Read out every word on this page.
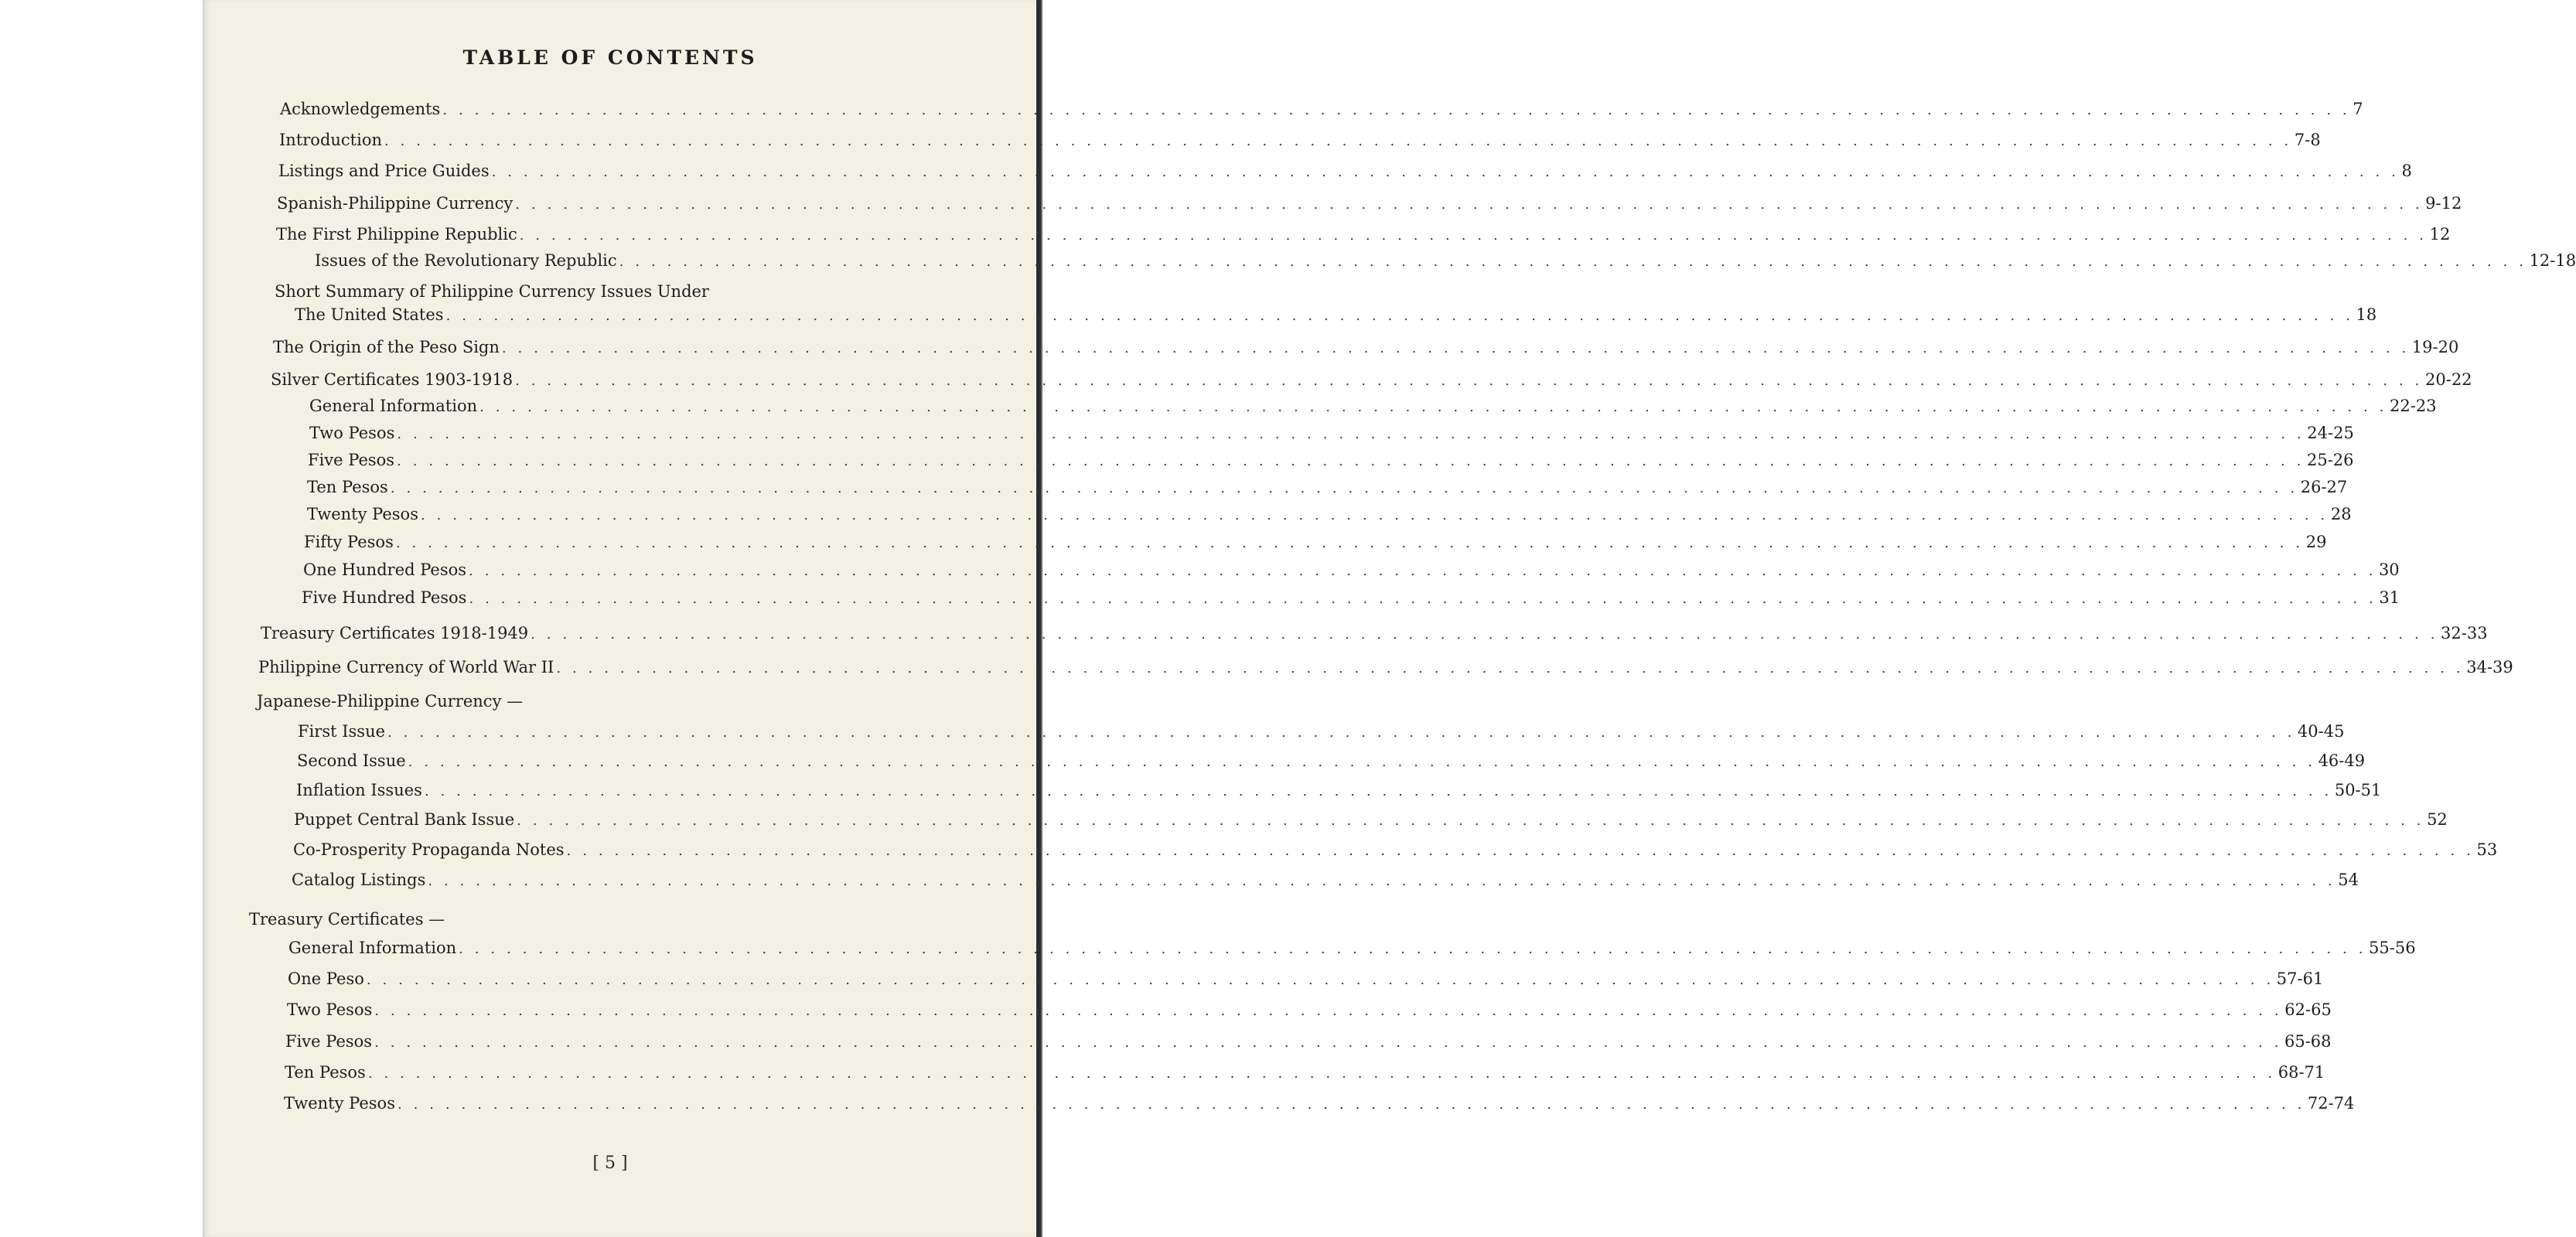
TABLE OF CONTENTS
Acknowledgements . . . . . . . . . . . . . . . . . . . . . . . . . . . . . . . . . . . . . . . . . . . . . . . . . . . . . . . . . . . . . . . . . . . . . . . . . . . . . . . . . . . . . . . . . . . . . . . . . . . . . . . . . . . . . . . . . . . . . . . . 7
Introduction . . . . . . . . . . . . . . . . . . . . . . . . . . . . . . . . . . . . . . . . . . . . . . . . . . . . . . . . . . . . . . . . . . . . . . . . . . . . . . . . . . . . . . . . . . . . . . . . . . . . . . . . . . . . . . . . . . . . . . . . 7-8
Listings and Price Guides . . . . . . . . . . . . . . . . . . . . . . . . . . . . . . . . . . . . . . . . . . . . . . . . . . . . . . . . . . . . . . . . . . . . . . . . . . . . . . . . . . . . . . . . . . . . . . . . . . . . . . . . . . . . . . . . . . . . . . . . 8
Spanish-Philippine Currency . . . . . . . . . . . . . . . . . . . . . . . . . . . . . . . . . . . . . . . . . . . . . . . . . . . . . . . . . . . . . . . . . . . . . . . . . . . . . . . . . . . . . . . . . . . . . . . . . . . . . . . . . . . . . . . . . . . . . . . . 9-12
The First Philippine Republic . . . . . . . . . . . . . . . . . . . . . . . . . . . . . . . . . . . . . . . . . . . . . . . . . . . . . . . . . . . . . . . . . . . . . . . . . . . . . . . . . . . . . . . . . . . . . . . . . . . . . . . . . . . . . . . . . . . . . . . . 12
Issues of the Revolutionary Republic . . . . . . . . . . . . . . . . . . . . . . . . . . . . . . . . . . . . . . . . . . . . . . . . . . . . . . . . . . . . . . . . . . . . . . . . . . . . . . . . . . . . . . . . . . . . . . . . . . . . . . . . . . . . . . . . . . . . . . . . 12-18
Short Summary of Philippine Currency Issues Under
The United States . . . . . . . . . . . . . . . . . . . . . . . . . . . . . . . . . . . . . . . . . . . . . . . . . . . . . . . . . . . . . . . . . . . . . . . . . . . . . . . . . . . . . . . . . . . . . . . . . . . . . . . . . . . . . . . . . . . . . . . . 18
The Origin of the Peso Sign . . . . . . . . . . . . . . . . . . . . . . . . . . . . . . . . . . . . . . . . . . . . . . . . . . . . . . . . . . . . . . . . . . . . . . . . . . . . . . . . . . . . . . . . . . . . . . . . . . . . . . . . . . . . . . . . . . . . . . . . 19-20
Silver Certificates 1903-1918 . . . . . . . . . . . . . . . . . . . . . . . . . . . . . . . . . . . . . . . . . . . . . . . . . . . . . . . . . . . . . . . . . . . . . . . . . . . . . . . . . . . . . . . . . . . . . . . . . . . . . . . . . . . . . . . . . . . . . . . . 20-22
General Information . . . . . . . . . . . . . . . . . . . . . . . . . . . . . . . . . . . . . . . . . . . . . . . . . . . . . . . . . . . . . . . . . . . . . . . . . . . . . . . . . . . . . . . . . . . . . . . . . . . . . . . . . . . . . . . . . . . . . . . . 22-23
Two Pesos . . . . . . . . . . . . . . . . . . . . . . . . . . . . . . . . . . . . . . . . . . . . . . . . . . . . . . . . . . . . . . . . . . . . . . . . . . . . . . . . . . . . . . . . . . . . . . . . . . . . . . . . . . . . . . . . . . . . . . . . 24-25
Five Pesos . . . . . . . . . . . . . . . . . . . . . . . . . . . . . . . . . . . . . . . . . . . . . . . . . . . . . . . . . . . . . . . . . . . . . . . . . . . . . . . . . . . . . . . . . . . . . . . . . . . . . . . . . . . . . . . . . . . . . . . . 25-26
Ten Pesos . . . . . . . . . . . . . . . . . . . . . . . . . . . . . . . . . . . . . . . . . . . . . . . . . . . . . . . . . . . . . . . . . . . . . . . . . . . . . . . . . . . . . . . . . . . . . . . . . . . . . . . . . . . . . . . . . . . . . . . . 26-27
Twenty Pesos . . . . . . . . . . . . . . . . . . . . . . . . . . . . . . . . . . . . . . . . . . . . . . . . . . . . . . . . . . . . . . . . . . . . . . . . . . . . . . . . . . . . . . . . . . . . . . . . . . . . . . . . . . . . . . . . . . . . . . . . 28
Fifty Pesos . . . . . . . . . . . . . . . . . . . . . . . . . . . . . . . . . . . . . . . . . . . . . . . . . . . . . . . . . . . . . . . . . . . . . . . . . . . . . . . . . . . . . . . . . . . . . . . . . . . . . . . . . . . . . . . . . . . . . . . . 29
One Hundred Pesos . . . . . . . . . . . . . . . . . . . . . . . . . . . . . . . . . . . . . . . . . . . . . . . . . . . . . . . . . . . . . . . . . . . . . . . . . . . . . . . . . . . . . . . . . . . . . . . . . . . . . . . . . . . . . . . . . . . . . . . . 30
Five Hundred Pesos . . . . . . . . . . . . . . . . . . . . . . . . . . . . . . . . . . . . . . . . . . . . . . . . . . . . . . . . . . . . . . . . . . . . . . . . . . . . . . . . . . . . . . . . . . . . . . . . . . . . . . . . . . . . . . . . . . . . . . . . 31
Treasury Certificates 1918-1949 . . . . . . . . . . . . . . . . . . . . . . . . . . . . . . . . . . . . . . . . . . . . . . . . . . . . . . . . . . . . . . . . . . . . . . . . . . . . . . . . . . . . . . . . . . . . . . . . . . . . . . . . . . . . . . . . . . . . . . . . 32-33
Philippine Currency of World War II . . . . . . . . . . . . . . . . . . . . . . . . . . . . . . . . . . . . . . . . . . . . . . . . . . . . . . . . . . . . . . . . . . . . . . . . . . . . . . . . . . . . . . . . . . . . . . . . . . . . . . . . . . . . . . . . . . . . . . . . 34-39
Japanese-Philippine Currency —
First Issue . . . . . . . . . . . . . . . . . . . . . . . . . . . . . . . . . . . . . . . . . . . . . . . . . . . . . . . . . . . . . . . . . . . . . . . . . . . . . . . . . . . . . . . . . . . . . . . . . . . . . . . . . . . . . . . . . . . . . . . . 40-45
Second Issue . . . . . . . . . . . . . . . . . . . . . . . . . . . . . . . . . . . . . . . . . . . . . . . . . . . . . . . . . . . . . . . . . . . . . . . . . . . . . . . . . . . . . . . . . . . . . . . . . . . . . . . . . . . . . . . . . . . . . . . . 46-49
Inflation Issues . . . . . . . . . . . . . . . . . . . . . . . . . . . . . . . . . . . . . . . . . . . . . . . . . . . . . . . . . . . . . . . . . . . . . . . . . . . . . . . . . . . . . . . . . . . . . . . . . . . . . . . . . . . . . . . . . . . . . . . . 50-51
Puppet Central Bank Issue . . . . . . . . . . . . . . . . . . . . . . . . . . . . . . . . . . . . . . . . . . . . . . . . . . . . . . . . . . . . . . . . . . . . . . . . . . . . . . . . . . . . . . . . . . . . . . . . . . . . . . . . . . . . . . . . . . . . . . . . 52
Co-Prosperity Propaganda Notes . . . . . . . . . . . . . . . . . . . . . . . . . . . . . . . . . . . . . . . . . . . . . . . . . . . . . . . . . . . . . . . . . . . . . . . . . . . . . . . . . . . . . . . . . . . . . . . . . . . . . . . . . . . . . . . . . . . . . . . . 53
Catalog Listings . . . . . . . . . . . . . . . . . . . . . . . . . . . . . . . . . . . . . . . . . . . . . . . . . . . . . . . . . . . . . . . . . . . . . . . . . . . . . . . . . . . . . . . . . . . . . . . . . . . . . . . . . . . . . . . . . . . . . . . . 54
Treasury Certificates —
General Information . . . . . . . . . . . . . . . . . . . . . . . . . . . . . . . . . . . . . . . . . . . . . . . . . . . . . . . . . . . . . . . . . . . . . . . . . . . . . . . . . . . . . . . . . . . . . . . . . . . . . . . . . . . . . . . . . . . . . . . . 55-56
One Peso . . . . . . . . . . . . . . . . . . . . . . . . . . . . . . . . . . . . . . . . . . . . . . . . . . . . . . . . . . . . . . . . . . . . . . . . . . . . . . . . . . . . . . . . . . . . . . . . . . . . . . . . . . . . . . . . . . . . . . . . 57-61
Two Pesos . . . . . . . . . . . . . . . . . . . . . . . . . . . . . . . . . . . . . . . . . . . . . . . . . . . . . . . . . . . . . . . . . . . . . . . . . . . . . . . . . . . . . . . . . . . . . . . . . . . . . . . . . . . . . . . . . . . . . . . . 62-65
Five Pesos . . . . . . . . . . . . . . . . . . . . . . . . . . . . . . . . . . . . . . . . . . . . . . . . . . . . . . . . . . . . . . . . . . . . . . . . . . . . . . . . . . . . . . . . . . . . . . . . . . . . . . . . . . . . . . . . . . . . . . . . 65-68
Ten Pesos . . . . . . . . . . . . . . . . . . . . . . . . . . . . . . . . . . . . . . . . . . . . . . . . . . . . . . . . . . . . . . . . . . . . . . . . . . . . . . . . . . . . . . . . . . . . . . . . . . . . . . . . . . . . . . . . . . . . . . . . 68-71
Twenty Pesos . . . . . . . . . . . . . . . . . . . . . . . . . . . . . . . . . . . . . . . . . . . . . . . . . . . . . . . . . . . . . . . . . . . . . . . . . . . . . . . . . . . . . . . . . . . . . . . . . . . . . . . . . . . . . . . . . . . . . . . . 72-74
[ 5 ]
